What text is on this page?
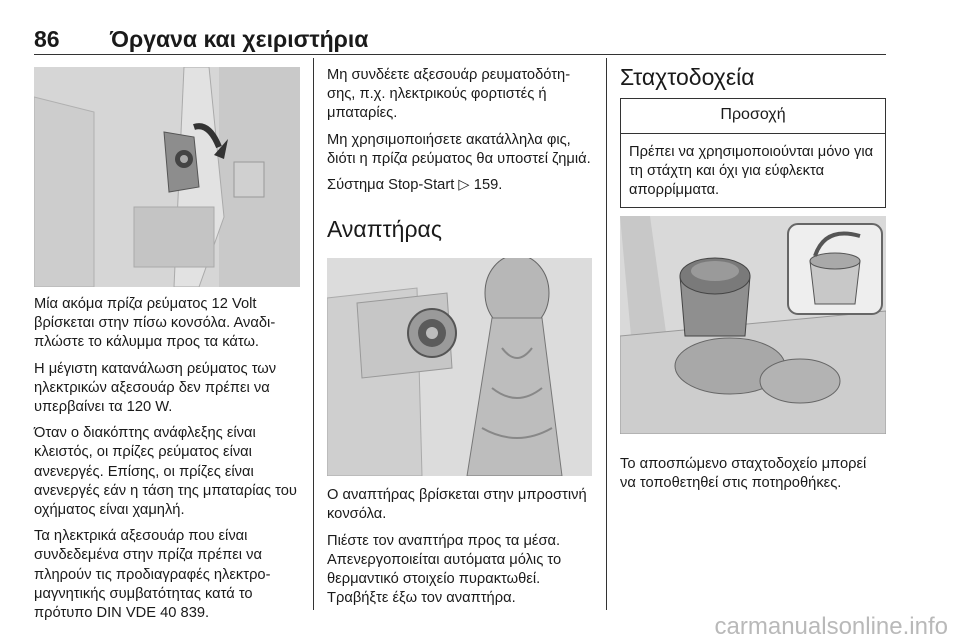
86 Όργανα και χειριστήρια

Μία ακόμα πρίζα ρεύματος 12 Volt βρίσκεται στην πίσω κονσόλα. Αναδιπλώστε το κάλυμμα προς τα κάτω.

Η μέγιστη κατανάλωση ρεύματος των ηλεκτρικών αξεσουάρ δεν πρέπει να υπερβαίνει τα 120 W.

Όταν ο διακόπτης ανάφλεξης είναι κλειστός, οι πρίζες ρεύματος είναι ανενεργές. Επίσης, οι πρίζες είναι ανενεργές εάν η τάση της μπαταρίας του οχήματος είναι χαμηλή.

Τα ηλεκτρικά αξεσουάρ που είναι συνδεδεμένα στην πρίζα πρέπει να πληρούν τις προδιαγραφές ηλεκτρομαγνητικής συμβατότητας κατά το πρότυπο DIN VDE 40 839.

Μη συνδέετε αξεσουάρ ρευματοδότησης, π.χ. ηλεκτρικούς φορτιστές ή μπαταρίες.

Μη χρησιμοποιήσετε ακατάλληλα φις, διότι η πρίζα ρεύματος θα υποστεί ζημιά.

Σύστημα Stop-Start ▷ 159.

Αναπτήρας

Ο αναπτήρας βρίσκεται στην μπροστινή κονσόλα.

Πιέστε τον αναπτήρα προς τα μέσα. Απενεργοποιείται αυτόματα μόλις το θερμαντικό στοιχείο πυρακτωθεί. Τραβήξτε έξω τον αναπτήρα.

Σταχτοδοχεία
Προσοχή
Πρέπει να χρησιμοποιούνται μόνο για τη στάχτη και όχι για εύφλεκτα απορρίμματα.

Το αποσπώμενο σταχτοδοχείο μπορεί να τοποθετηθεί στις ποτηροθήκες.

carmanualsonline.info
